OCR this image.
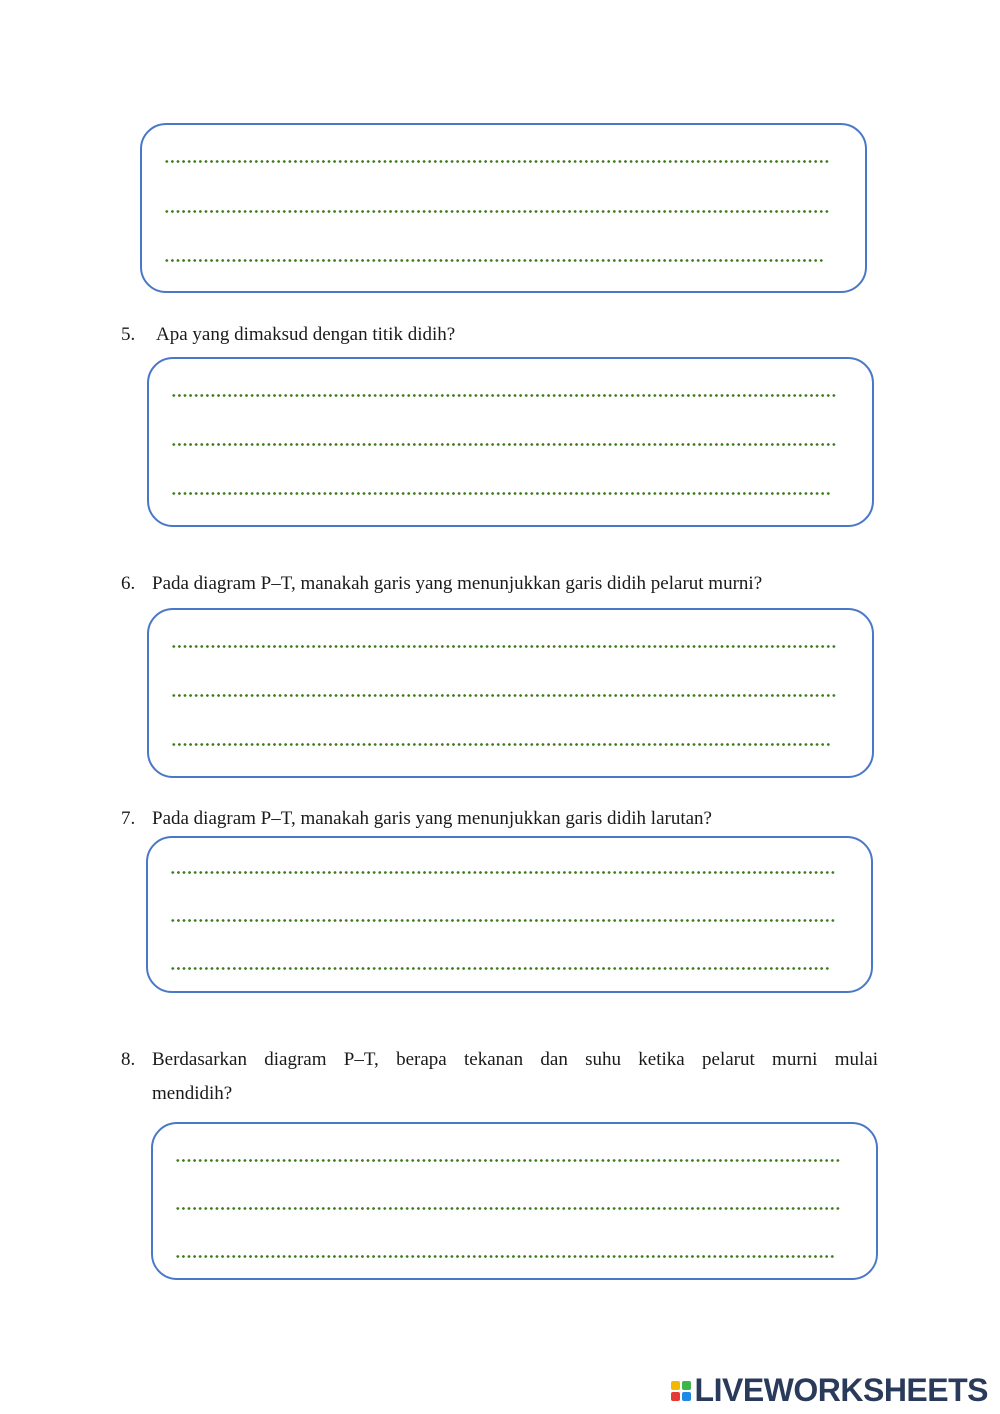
5. Apa yang dimaksud dengan titik didih?
6. Pada diagram P–T, manakah garis yang menunjukkan garis didih pelarut murni?
7. Pada diagram P–T, manakah garis yang menunjukkan garis didih larutan?
8. Berdasarkan diagram P–T, berapa tekanan dan suhu ketika pelarut murni mulai
mendidih?
LIVEWORKSHEETS
